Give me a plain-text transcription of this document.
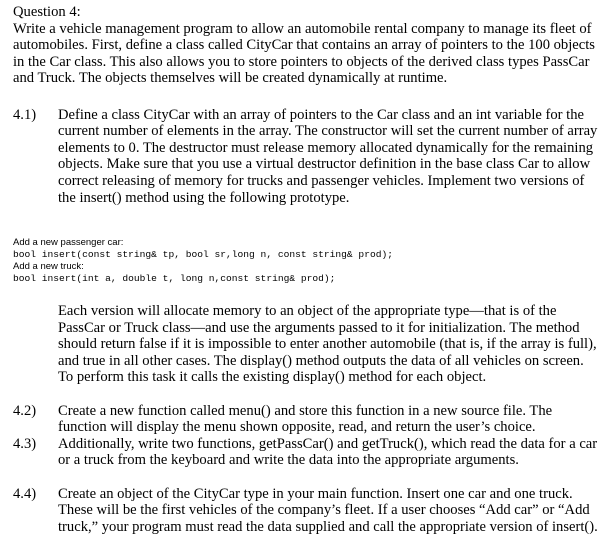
Question 4:
Write a vehicle management program to allow an automobile rental company to manage its fleet of automobiles. First, define a class called CityCar that contains an array of pointers to the 100 objects in the Car class. This also allows you to store pointers to objects of the derived class types PassCar and Truck. The objects themselves will be created dynamically at runtime.
4.1) Define a class CityCar with an array of pointers to the Car class and an int variable for the current number of elements in the array. The constructor will set the current number of array elements to 0. The destructor must release memory allocated dynamically for the remaining objects. Make sure that you use a virtual destructor definition in the base class Car to allow correct releasing of memory for trucks and passenger vehicles. Implement two versions of the insert() method using the following prototype.
Add a new passenger car:
bool insert(const string& tp, bool sr,long n, const string& prod);
Add a new truck:
bool insert(int a, double t, long n,const string& prod);
Each version will allocate memory to an object of the appropriate type—that is of the PassCar or Truck class—and use the arguments passed to it for initialization. The method should return false if it is impossible to enter another automobile (that is, if the array is full), and true in all other cases. The display() method outputs the data of all vehicles on screen. To perform this task it calls the existing display() method for each object.
4.2) Create a new function called menu() and store this function in a new source file. The function will display the menu shown opposite, read, and return the user’s choice.
4.3) Additionally, write two functions, getPassCar() and getTruck(), which read the data for a car or a truck from the keyboard and write the data into the appropriate arguments.
4.4) Create an object of the CityCar type in your main function. Insert one car and one truck. These will be the first vehicles of the company’s fleet. If a user chooses “Add car” or “Add truck,” your program must read the data supplied and call the appropriate version of insert().
